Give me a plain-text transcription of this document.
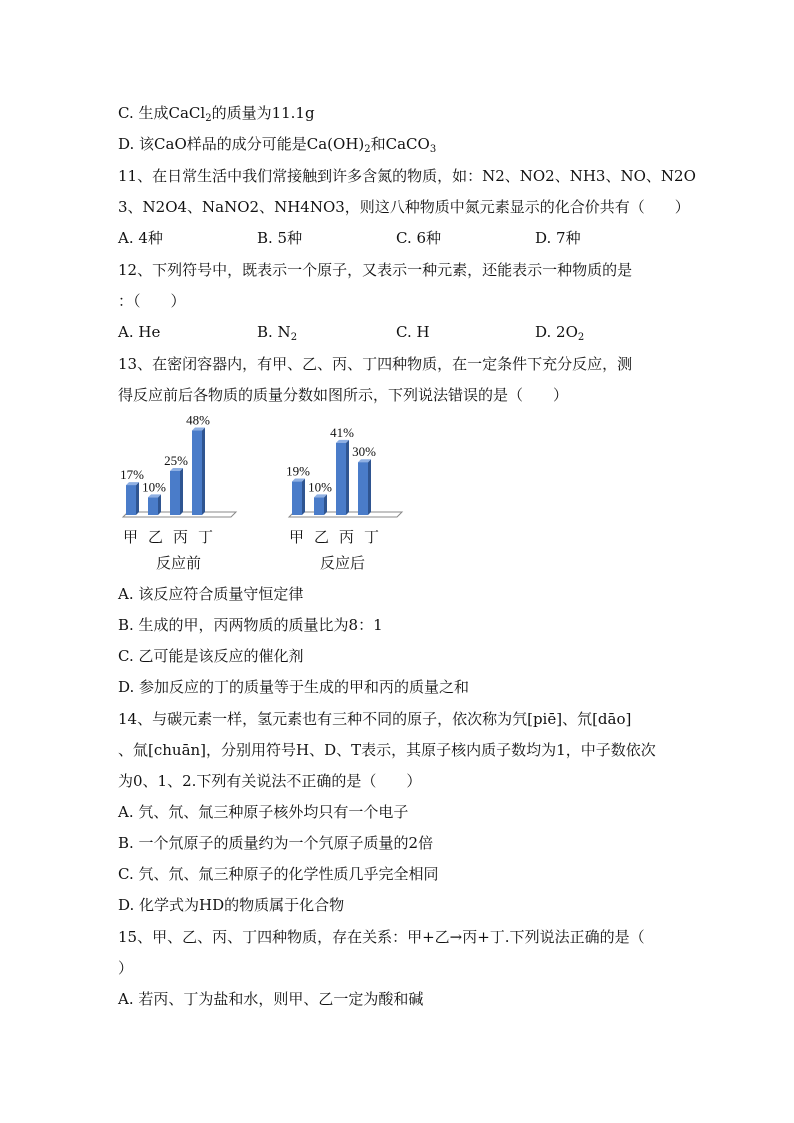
C. 生成CaCl$_2$的质量为11.1g
D. 该CaO样品的成分可能是$Ca(OH)_2$和CaCO$_3$
11、在日常生活中我们常接触到许多含氮的物质，如：N2、NO2、NH3、NO、N2O
3、N2O4、NaNO2、NH4NO3，则这八种物质中氮元素显示的化合价共有（　　）
A. 4种	B. 5种	C. 6种	D. 7种
12、下列符号中，既表示一个原子，又表示一种元素，还能表示一种物质的是
：（　　）
A. He	B. $N_2$	C. H	D. $2O_2$
13、在密闭容器内，有甲、乙、丙、丁四种物质，在一定条件下充分反应，测
得反应前后各物质的质量分数如图所示，下列说法错误的是（　　）
17%
10%
25%
48%
甲 乙 丙 丁
反应前
19%
10%
41%
30%
甲 乙 丙 丁
反应后
A. 该反应符合质量守恒定律
B. 生成的甲，丙两物质的质量比为8：1
C. 乙可能是该反应的催化剂
D. 参加反应的丁的质量等于生成的甲和丙的质量之和
14、与碳元素一样，氢元素也有三种不同的原子，依次称为氕[piē]、氘[dāo]
、氚[chuān]，分别用符号H、D、T表示，其原子核内质子数均为1，中子数依次
为0、1、2.下列有关说法不正确的是（　　）
A. 氕、氘、氚三种原子核外均只有一个电子
B. 一个氘原子的质量约为一个氕原子质量的2倍
C. 氕、氘、氚三种原子的化学性质几乎完全相同
D. 化学式为HD的物质属于化合物
15、甲、乙、丙、丁四种物质，存在关系：甲+乙→丙+丁.下列说法正确的是（
）
A. 若丙、丁为盐和水，则甲、乙一定为酸和碱
